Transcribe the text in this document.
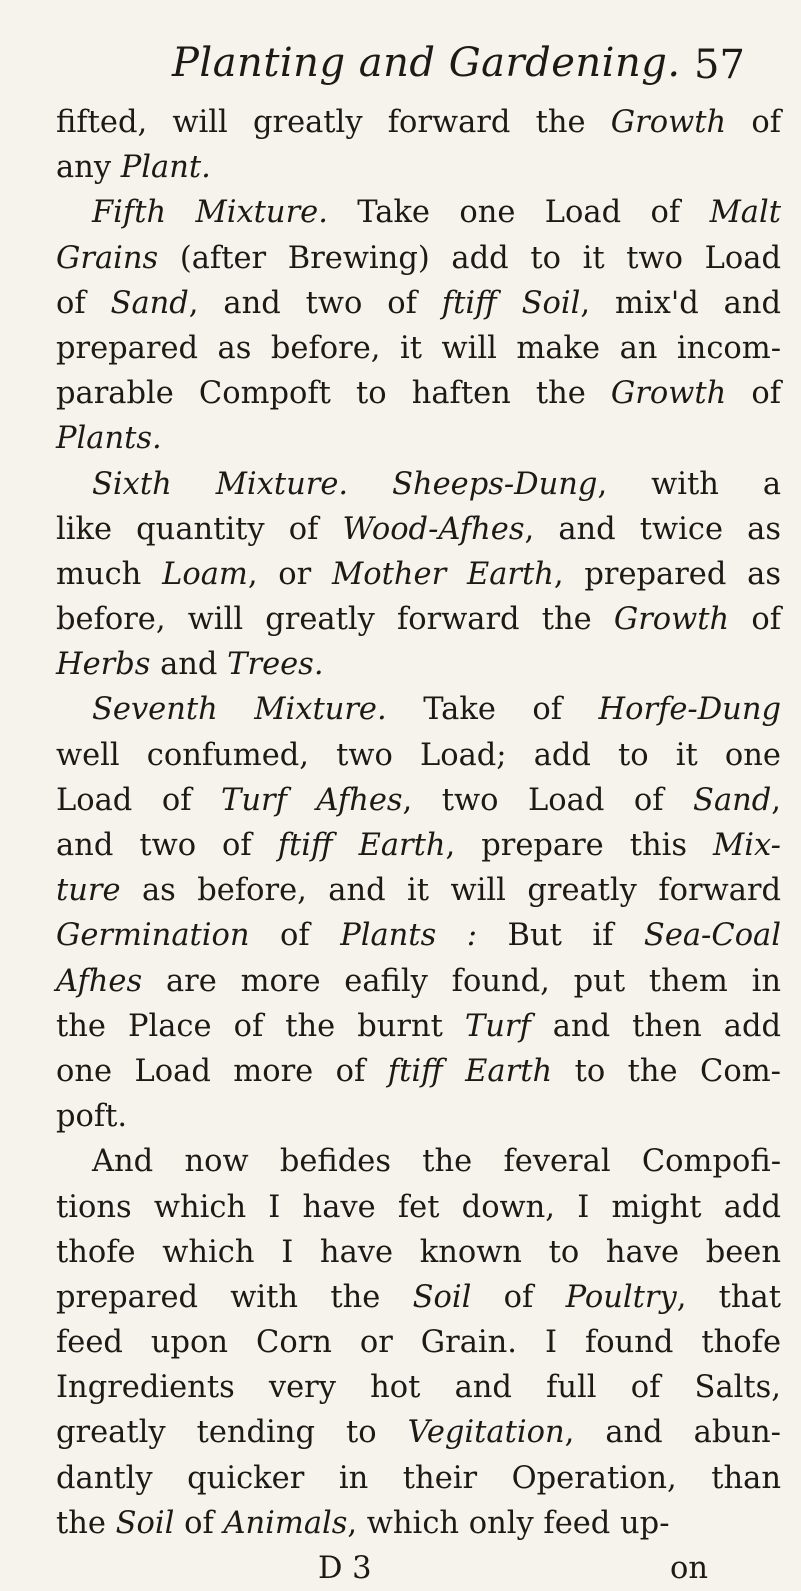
Planting and Gardening. 57
fifted, will greatly forward the Growth of
any Plant.
Fifth Mixture. Take one Load of Malt
Grains (after Brewing) add to it two Load
of Sand, and two of ftiff Soil, mix'd and
prepared as before, it will make an incom-
parable Compoft to haften the Growth of
Plants.
Sixth Mixture. Sheeps-Dung, with a
like quantity of Wood-Afhes, and twice as
much Loam, or Mother Earth, prepared as
before, will greatly forward the Growth of
Herbs and Trees.
Seventh Mixture. Take of Horfe-Dung
well confumed, two Load; add to it one
Load of Turf Afhes, two Load of Sand,
and two of ftiff Earth, prepare this Mix-
ture as before, and it will greatly forward
Germination of Plants : But if Sea-Coal
Afhes are more eafily found, put them in
the Place of the burnt Turf and then add
one Load more of ftiff Earth to the Com-
poft.
And now befides the feveral Compofi-
tions which I have fet down, I might add
thofe which I have known to have been
prepared with the Soil of Poultry, that
feed upon Corn or Grain. I found thofe
Ingredients very hot and full of Salts,
greatly tending to Vegitation, and abun-
dantly quicker in their Operation, than
the Soil of Animals, which only feed up-
D 3	on
